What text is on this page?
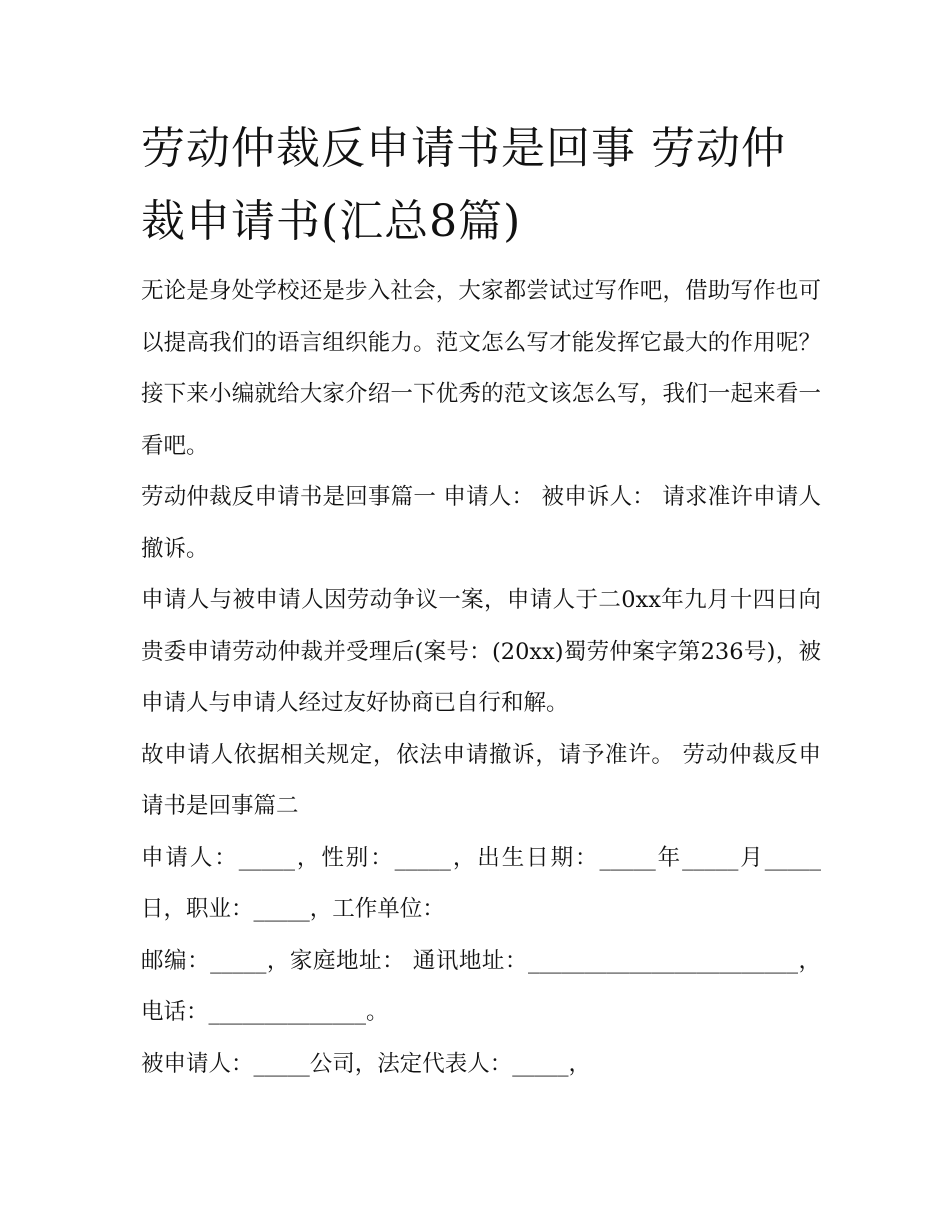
劳动仲裁反申请书是回事 劳动仲裁申请书(汇总8篇)

无论是身处学校还是步入社会，大家都尝试过写作吧，借助写作也可以提高我们的语言组织能力。范文怎么写才能发挥它最大的作用呢？接下来小编就给大家介绍一下优秀的范文该怎么写，我们一起来看一看吧。

劳动仲裁反申请书是回事篇一 申请人： 被申诉人： 请求准许申请人撤诉。

申请人与被申请人因劳动争议一案，申请人于二0xx年九月十四日向贵委申请劳动仲裁并受理后(案号：(20xx)蜀劳仲案字第236号)，被申请人与申请人经过友好协商已自行和解。

故申请人依据相关规定，依法申请撤诉，请予准许。 劳动仲裁反申请书是回事篇二

申请人：_____，性别：_____，出生日期：_____年_____月_____日，职业：_____，工作单位：

邮编：_____，家庭地址： 通讯地址：________________________，电话：______________。

被申请人：_____公司，法定代表人：_____，
